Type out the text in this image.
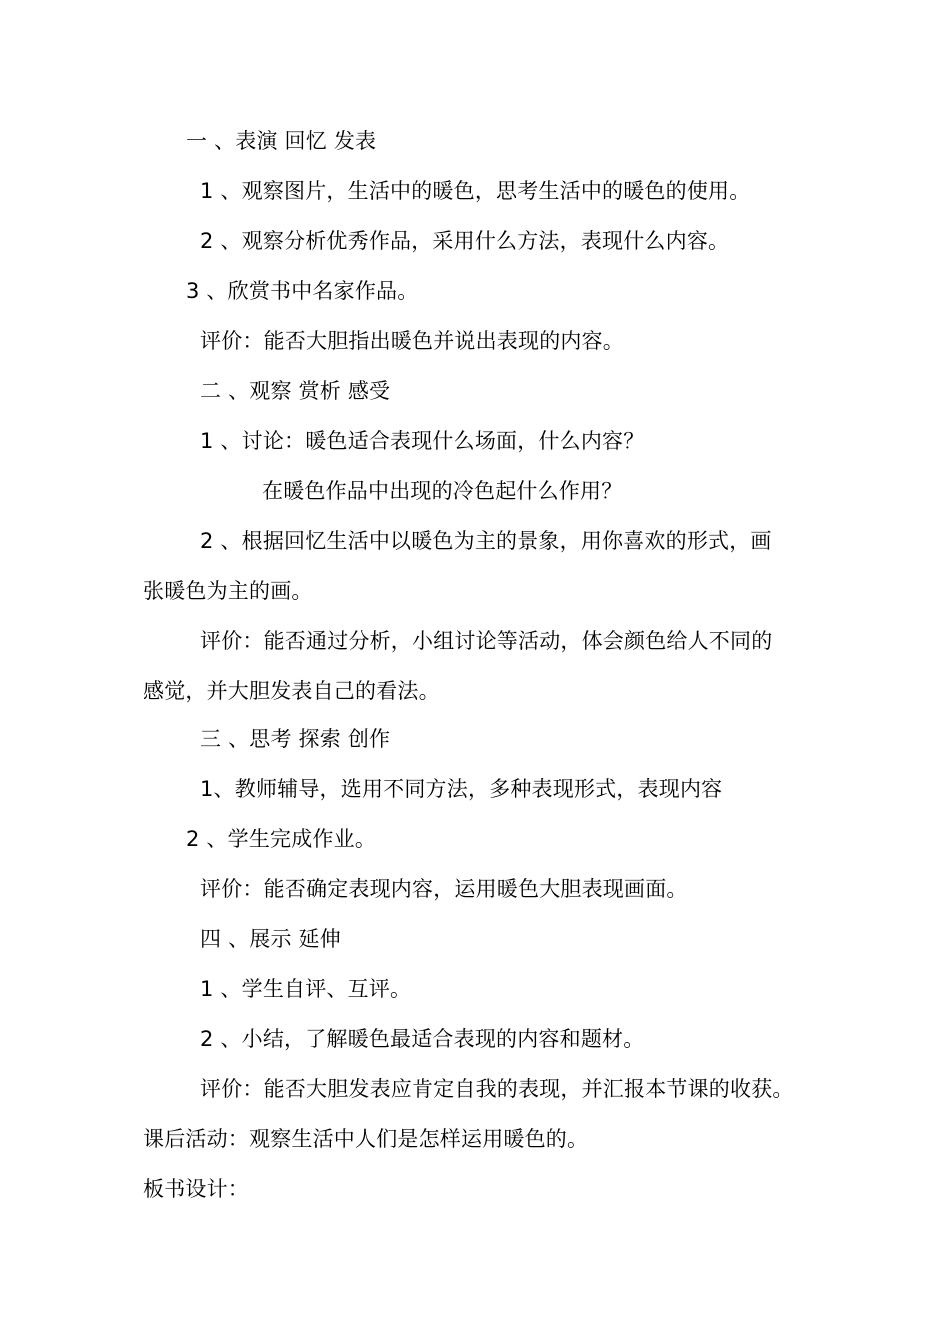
一 、表演 回忆 发表
1 、观察图片，生活中的暖色，思考生活中的暖色的使用。
2 、观察分析优秀作品，采用什么方法，表现什么内容。
3 、欣赏书中名家作品。
评价：能否大胆指出暖色并说出表现的内容。
二 、观察 赏析 感受
1 、讨论：暖色适合表现什么场面，什么内容？
在暖色作品中出现的冷色起什么作用？
2 、根据回忆生活中以暖色为主的景象，用你喜欢的形式，画
张暖色为主的画。
评价：能否通过分析，小组讨论等活动，体会颜色给人不同的
感觉，并大胆发表自己的看法。
三 、思考 探索 创作
1、教师辅导，选用不同方法，多种表现形式，表现内容
2 、学生完成作业。
评价：能否确定表现内容，运用暖色大胆表现画面。
四 、展示 延伸
1 、学生自评、互评。
2 、小结，了解暖色最适合表现的内容和题材。
评价：能否大胆发表应肯定自我的表现，并汇报本节课的收获。
课后活动：观察生活中人们是怎样运用暖色的。
板书设计：
